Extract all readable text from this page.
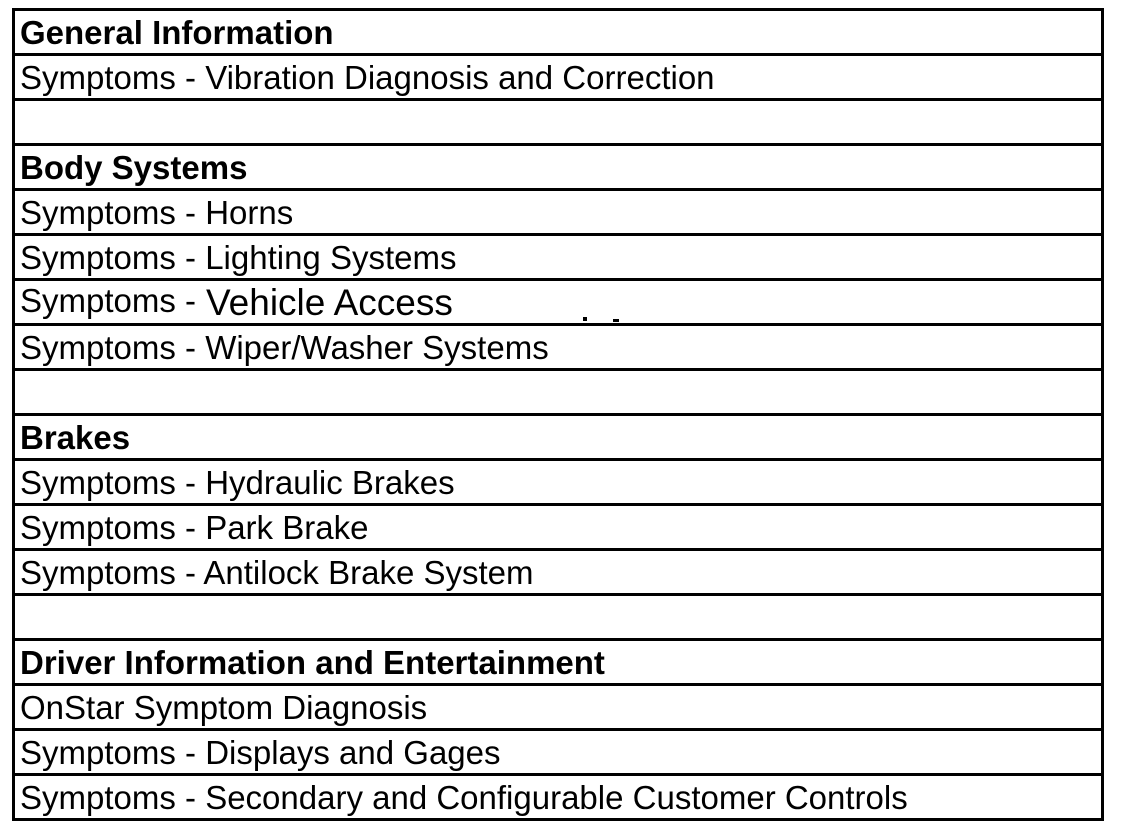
General Information
Symptoms - Vibration Diagnosis and Correction
Body Systems
Symptoms - Horns
Symptoms - Lighting Systems
Symptoms - Vehicle Access
Symptoms - Wiper/Washer Systems
Brakes
Symptoms - Hydraulic Brakes
Symptoms - Park Brake
Symptoms - Antilock Brake System
Driver Information and Entertainment
OnStar Symptom Diagnosis
Symptoms - Displays and Gages
Symptoms - Secondary and Configurable Customer Controls
